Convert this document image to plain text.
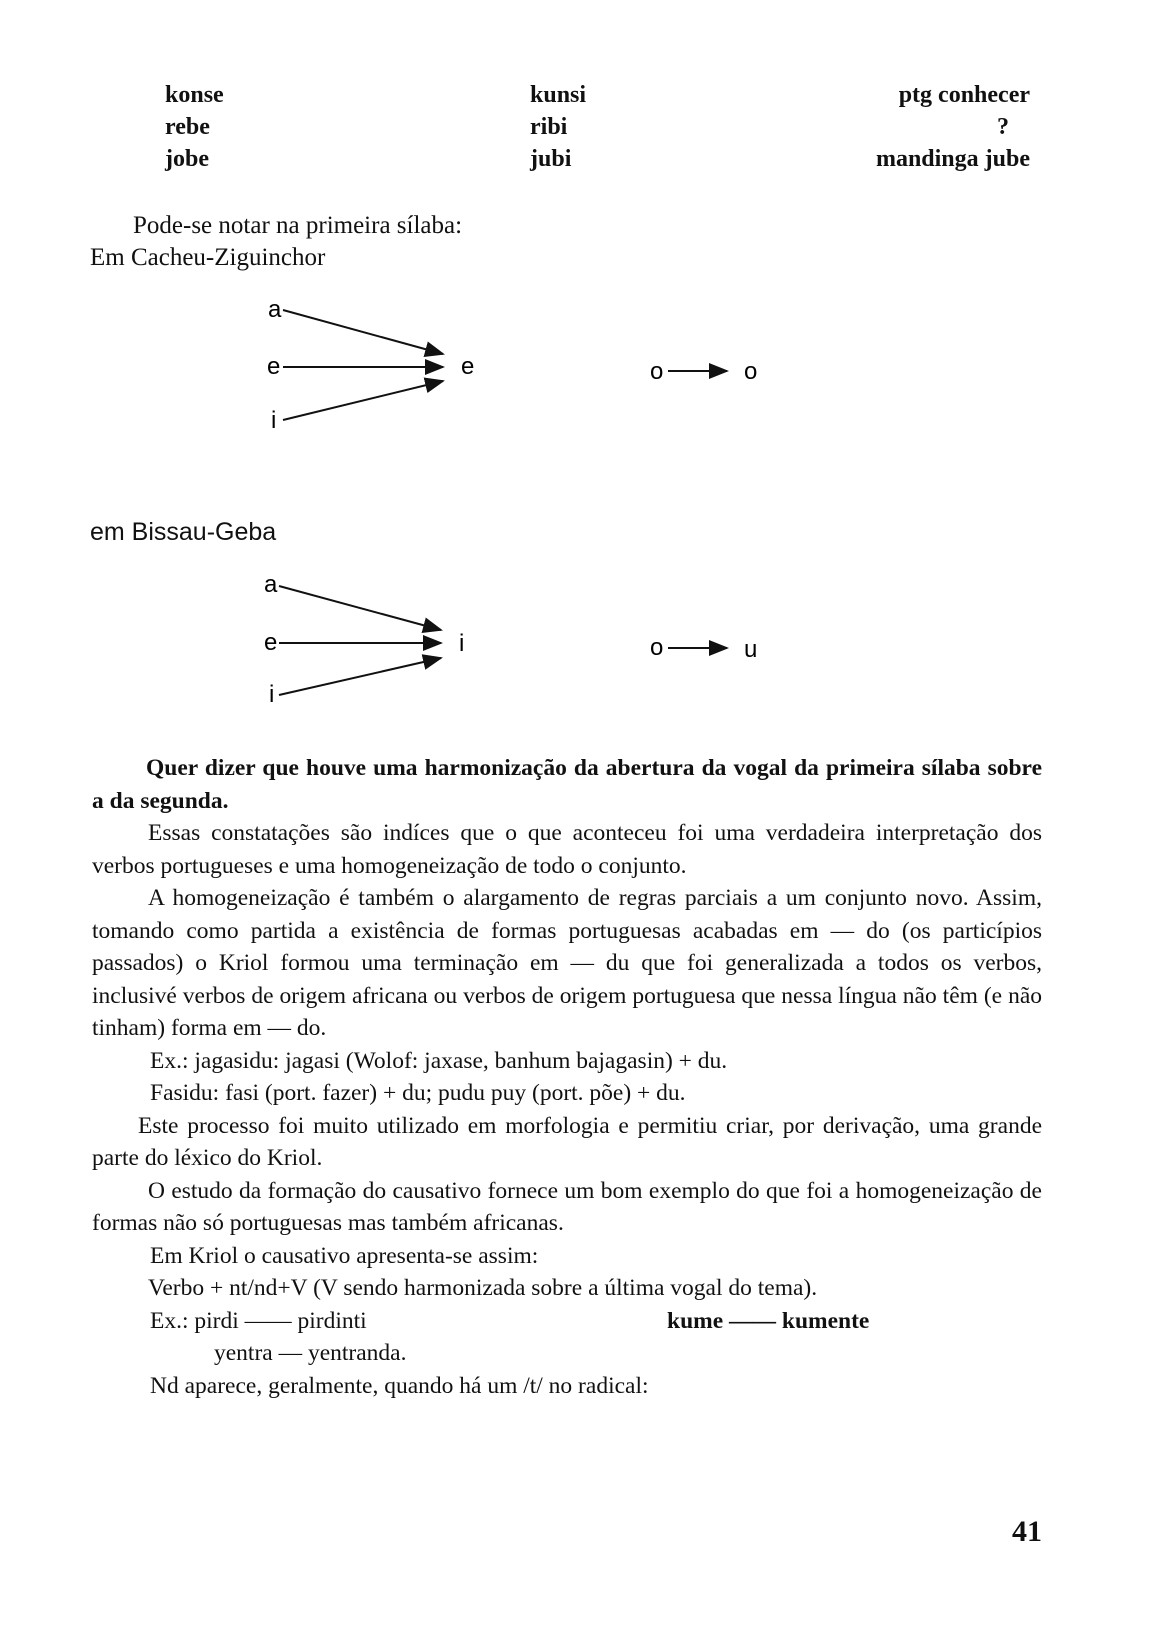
konse	kunsi	ptg conhecer
rebe	ribi	?
jobe	jubi	mandinga jube
Pode-se notar na primeira sílaba:
Em Cacheu-Ziguinchor
a
e
i
e	o	o
em Bissau-Geba
a
e
i
i	o	u

Quer dizer que houve uma harmonização da abertura da vogal da primeira sílaba sobre a da segunda.

Essas constatações são indíces que o que aconteceu foi uma verdadeira interpretação dos verbos portugueses e uma homogeneização de todo o conjunto.

A homogeneização é também o alargamento de regras parciais a um conjunto novo. Assim, tomando como partida a existência de formas portuguesas acabadas em — do (os particípios passados) o Kriol formou uma terminação em — du que foi generalizada a todos os verbos, inclusivé verbos de origem africana ou verbos de origem portuguesa que nessa língua não têm (e não tinham) forma em — do.

Ex.: jagasidu: jagasi (Wolof: jaxase, banhum bajagasin) + du.

Fasidu: fasi (port. fazer) + du; pudu puy (port. põe) + du.

Este processo foi muito utilizado em morfologia e permitiu criar, por derivação, uma grande parte do léxico do Kriol.

O estudo da formação do causativo fornece um bom exemplo do que foi a homogeneização de formas não só portuguesas mas também africanas.

Em Kriol o causativo apresenta-se assim:

Verbo + nt/nd+V (V sendo harmonizada sobre a última vogal do tema).

Ex.: pirdi —— pirdinti	kume —— kumente

yentra — yentranda.

Nd aparece, geralmente, quando há um /t/ no radical:

41
